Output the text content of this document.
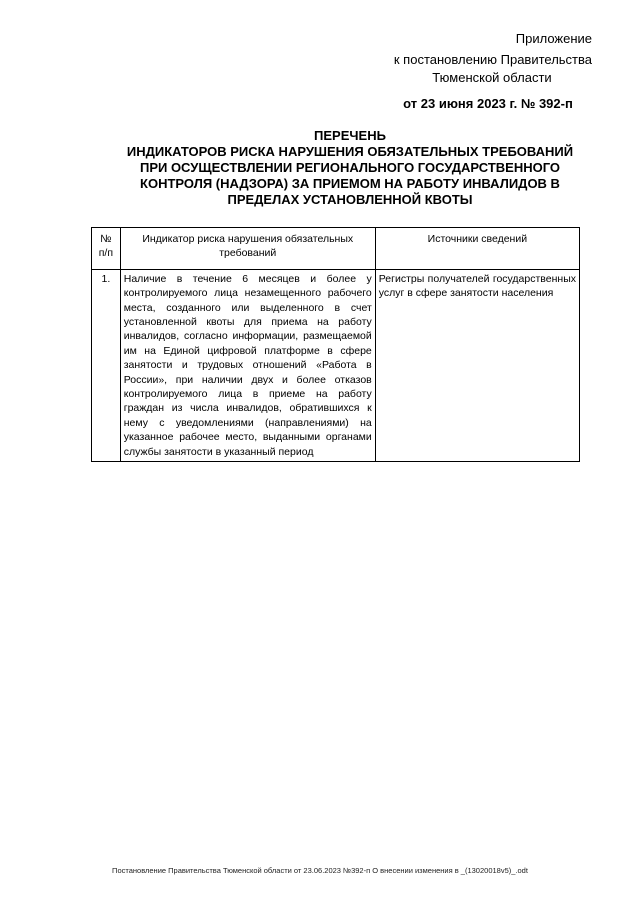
Приложение
к постановлению Правительства
Тюменской области
от 23 июня 2023 г. № 392-п
ПЕРЕЧЕНЬ
ИНДИКАТОРОВ РИСКА НАРУШЕНИЯ ОБЯЗАТЕЛЬНЫХ ТРЕБОВАНИЙ
ПРИ ОСУЩЕСТВЛЕНИИ РЕГИОНАЛЬНОГО ГОСУДАРСТВЕННОГО
КОНТРОЛЯ (НАДЗОРА) ЗА ПРИЕМОМ НА РАБОТУ ИНВАЛИДОВ В
ПРЕДЕЛАХ УСТАНОВЛЕННОЙ КВОТЫ
№ п/п	Индикатор риска нарушения обязательных требований	Источники сведений
1.	Наличие в течение 6 месяцев и более у контролируемого лица незамещенного рабочего места, созданного или выделенного в счет установленной квоты для приема на работу инвалидов, согласно информации, размещаемой им на Единой цифровой платформе в сфере занятости и трудовых отношений «Работа в России», при наличии двух и более отказов контролируемого лица в приеме на работу граждан из числа инвалидов, обратившихся к нему с уведомлениями (направлениями) на указанное рабочее место, выданными органами службы занятости в указанный период	Регистры получателей государственных услуг в сфере занятости населения
Постановление Правительства Тюменской области от 23.06.2023 №392-п О внесении изменения в _(13020018v5)_.odt
